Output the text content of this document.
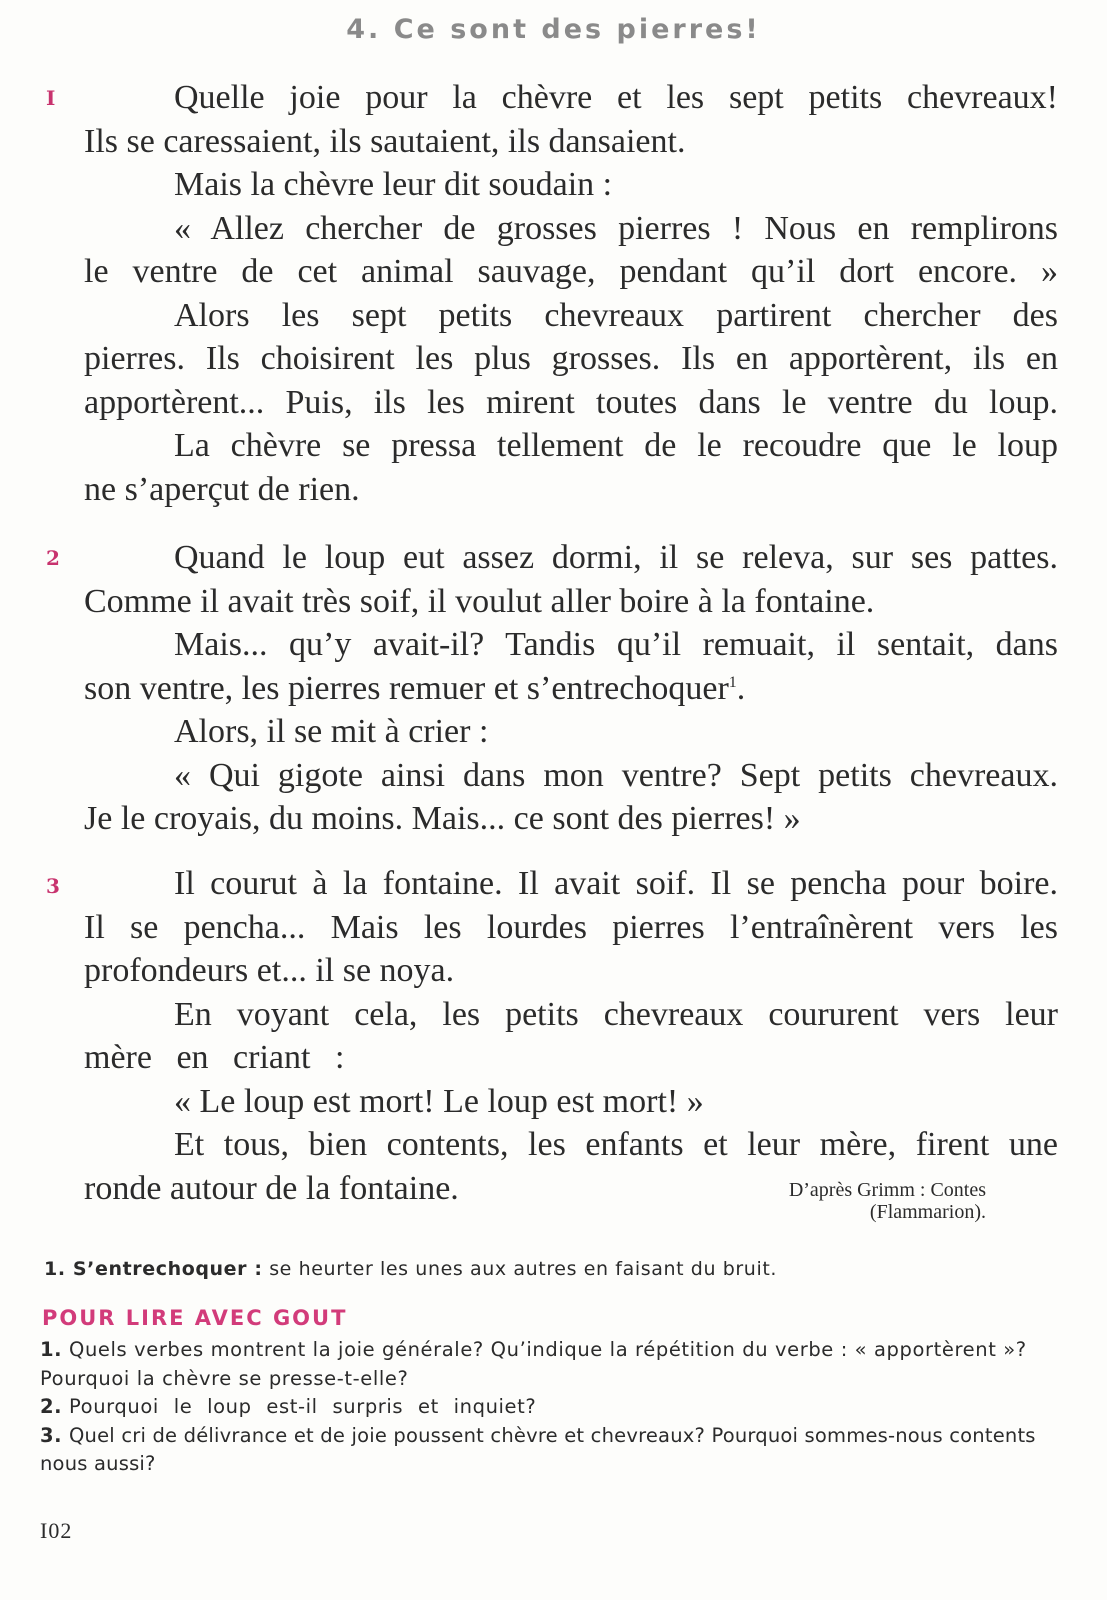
4. Ce sont des pierres!
I	Quelle joie pour la chèvre et les sept petits chevreaux!
Ils se caressaient, ils sautaient, ils dansaient.
Mais la chèvre leur dit soudain :
« Allez chercher de grosses pierres ! Nous en remplirons
le ventre de cet animal sauvage, pendant qu’il dort encore. »
Alors les sept petits chevreaux partirent chercher des
pierres. Ils choisirent les plus grosses. Ils en apportèrent, ils en
apportèrent... Puis, ils les mirent toutes dans le ventre du loup.
La chèvre se pressa tellement de le recoudre que le loup
ne s’aperçut de rien.
2	Quand le loup eut assez dormi, il se releva, sur ses pattes.
Comme il avait très soif, il voulut aller boire à la fontaine.
Mais... qu’y avait-il? Tandis qu’il remuait, il sentait, dans
son ventre, les pierres remuer et s’entrechoquer$^1$.
Alors, il se mit à crier :
« Qui gigote ainsi dans mon ventre? Sept petits chevreaux.
Je le croyais, du moins. Mais... ce sont des pierres! »
3	Il courut à la fontaine. Il avait soif. Il se pencha pour boire.
Il se pencha... Mais les lourdes pierres l’entraînèrent vers les
profondeurs et... il se noya.
En voyant cela, les petits chevreaux coururent vers leur
mère en criant :
« Le loup est mort! Le loup est mort! »
Et tous, bien contents, les enfants et leur mère, firent une
ronde autour de la fontaine.	D’après Grimm : Contes
(Flammarion).
1. S’entrechoquer : se heurter les unes aux autres en faisant du bruit.
POUR LIRE AVEC GOUT
1. Quels verbes montrent la joie générale? Qu’indique la répétition du verbe : « apportèrent »? Pourquoi la chèvre se presse-t-elle?
2. Pourquoi le loup est-il surpris et inquiet?
3. Quel cri de délivrance et de joie poussent chèvre et chevreaux? Pourquoi sommes-nous contents nous aussi?
I02
